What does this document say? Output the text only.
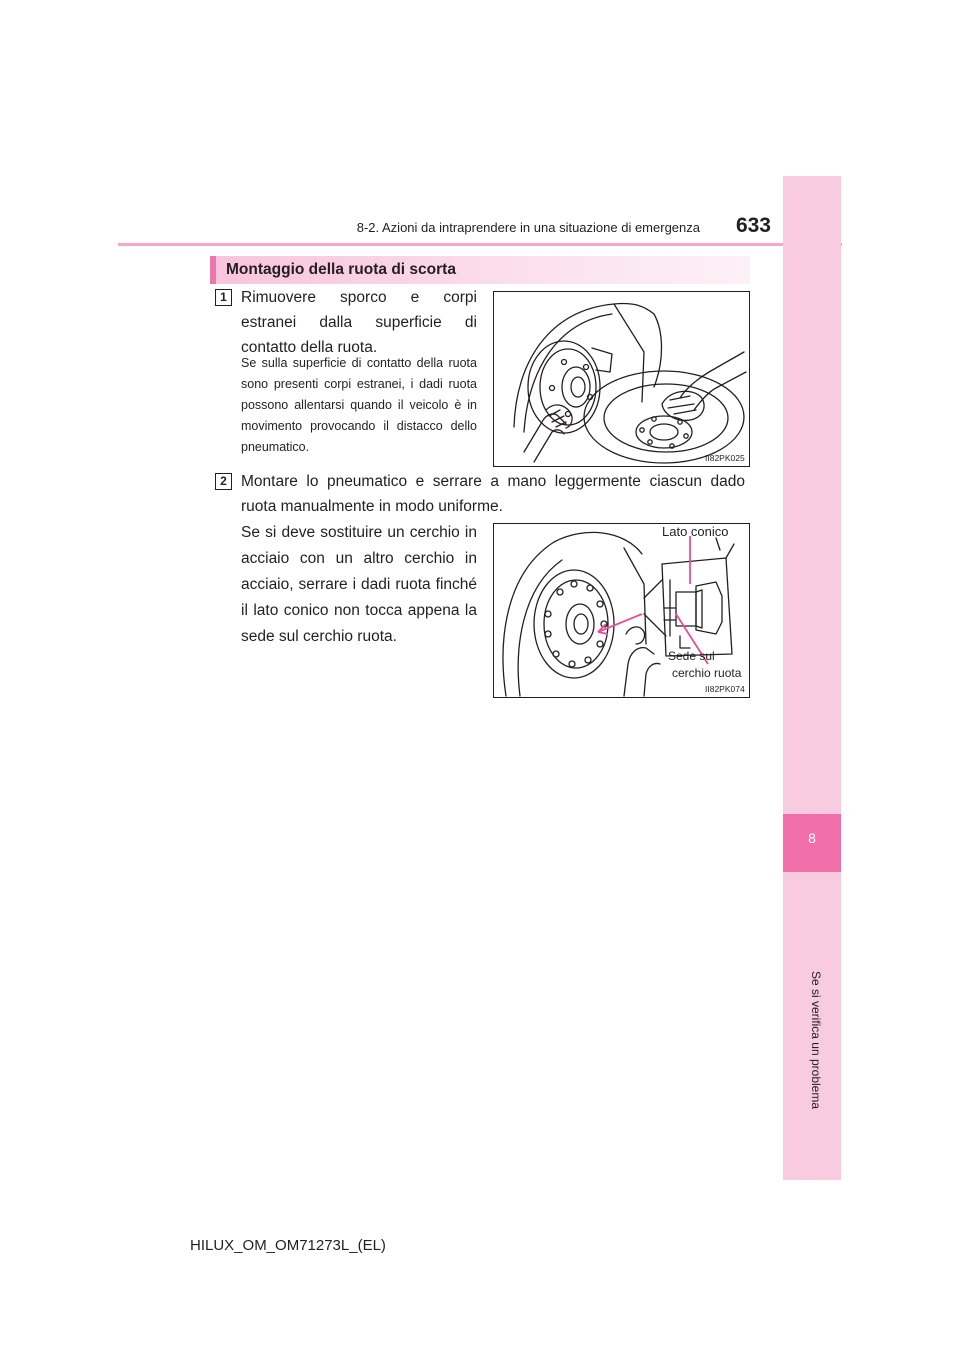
8-2. Azioni da intraprendere in una situazione di emergenza	633
8
Se si verifica un problema
Montaggio della ruota di scorta
1 Rimuovere sporco e corpi estranei dalla superficie di contatto della ruota.
Se sulla superficie di contatto della ruota sono presenti corpi estranei, i dadi ruota possono allentarsi quando il veicolo è in movimento provocando il distacco dello pneumatico.
II82PK025
2 Montare lo pneumatico e serrare a mano leggermente ciascun dado ruota manualmente in modo uniforme.
Se si deve sostituire un cerchio in acciaio con un altro cerchio in acciaio, serrare i dadi ruota finché il lato conico non tocca appena la sede sul cerchio ruota.
Lato conico
Sede sul
cerchio ruota
II82PK074
HILUX_OM_OM71273L_(EL)
